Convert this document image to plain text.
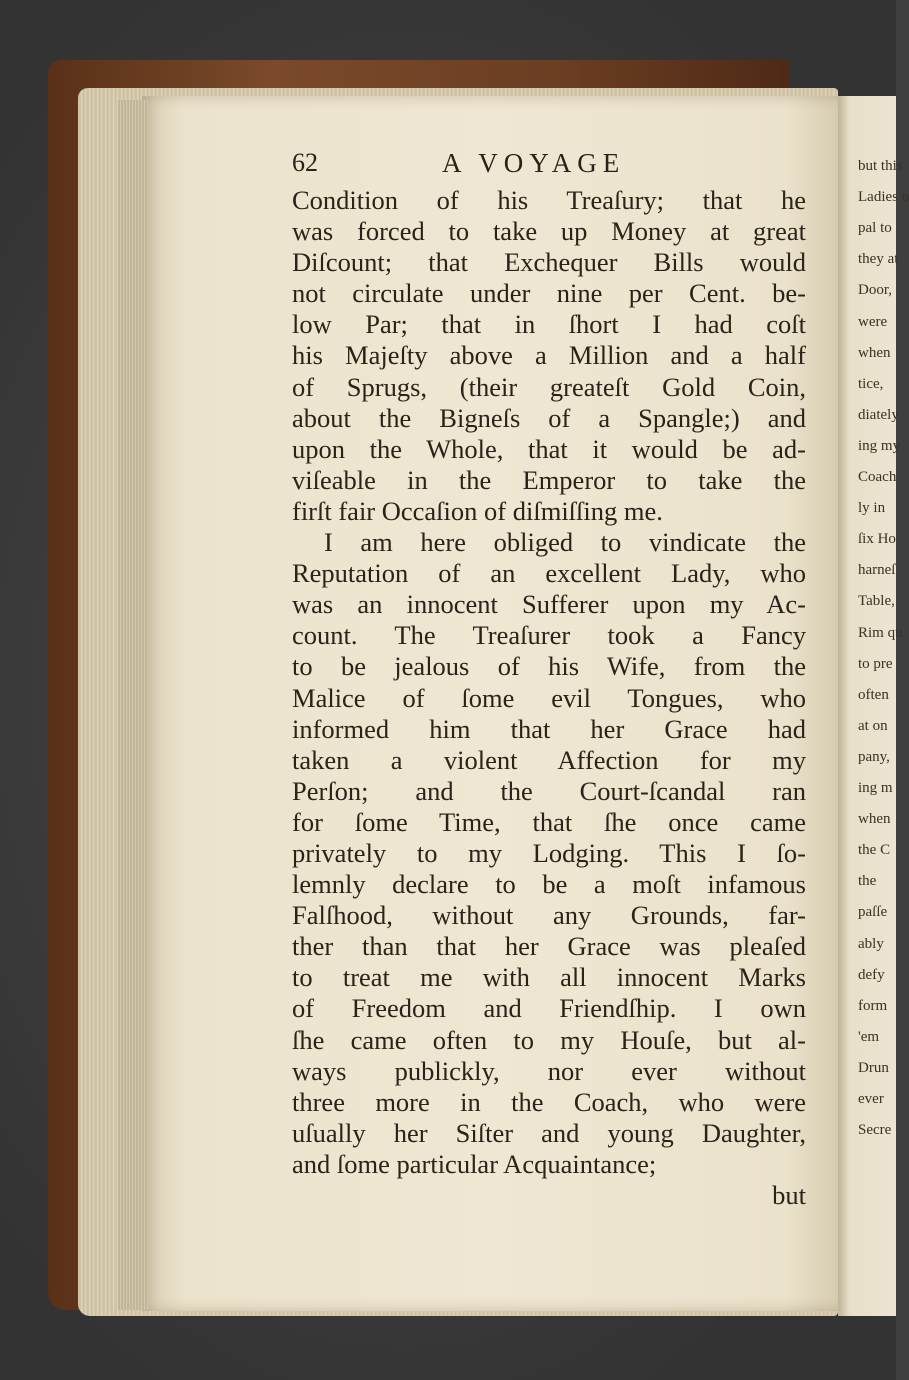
but this
Ladies o
pal to
they at
Door,
were
when
tice,
diately
ing my
Coach
ly in
ſix Ho
harneſ
Table,
Rim qu
to pre
often
at on
pany,
ing m
when
the C
the
paſſe
ably
defy
form
'em
Drun
ever
Secre
62	A VOYAGE
Condition of his Treaſury; that he
was forced to take up Money at great
Diſcount; that Exchequer Bills would
not circulate under nine per Cent. be-
low Par; that in ſhort I had coſt
his Majeſty above a Million and a half
of Sprugs, (their greateſt Gold Coin,
about the Bigneſs of a Spangle;) and
upon the Whole, that it would be ad-
viſeable in the Emperor to take the
firſt fair Occaſion of diſmiſſing me.
I am here obliged to vindicate the
Reputation of an excellent Lady, who
was an innocent Sufferer upon my Ac-
count. The Treaſurer took a Fancy
to be jealous of his Wife, from the
Malice of ſome evil Tongues, who
informed him that her Grace had
taken a violent Affection for my
Perſon; and the Court-ſcandal ran
for ſome Time, that ſhe once came
privately to my Lodging. This I ſo-
lemnly declare to be a moſt infamous
Falſhood, without any Grounds, far-
ther than that her Grace was pleaſed
to treat me with all innocent Marks
of Freedom and Friendſhip. I own
ſhe came often to my Houſe, but al-
ways publickly, nor ever without
three more in the Coach, who were
uſually her Siſter and young Daughter,
and ſome particular Acquaintance;
but
